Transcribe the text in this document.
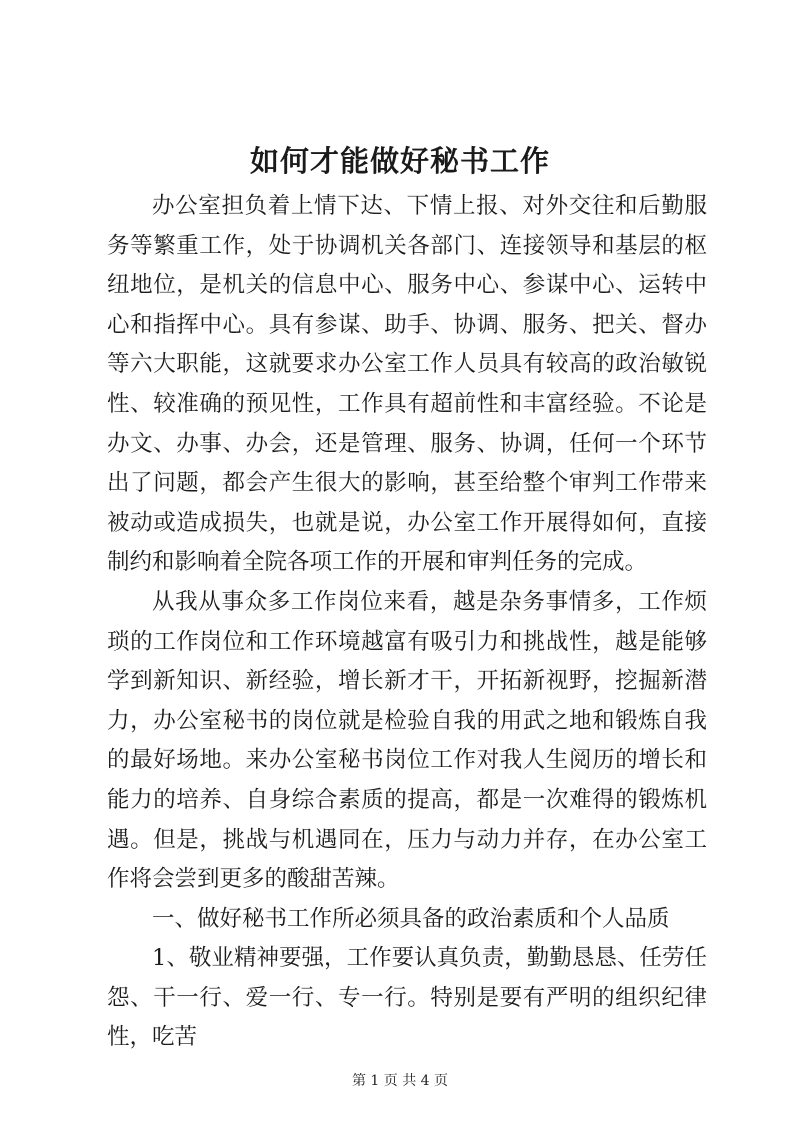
如何才能做好秘书工作

办公室担负着上情下达、下情上报、对外交往和后勤服务等繁重工作，处于协调机关各部门、连接领导和基层的枢纽地位，是机关的信息中心、服务中心、参谋中心、运转中心和指挥中心。具有参谋、助手、协调、服务、把关、督办等六大职能，这就要求办公室工作人员具有较高的政治敏锐性、较准确的预见性，工作具有超前性和丰富经验。不论是办文、办事、办会，还是管理、服务、协调，任何一个环节出了问题，都会产生很大的影响，甚至给整个审判工作带来被动或造成损失，也就是说，办公室工作开展得如何，直接制约和影响着全院各项工作的开展和审判任务的完成。

从我从事众多工作岗位来看，越是杂务事情多，工作烦琐的工作岗位和工作环境越富有吸引力和挑战性，越是能够学到新知识、新经验，增长新才干，开拓新视野，挖掘新潜力，办公室秘书的岗位就是检验自我的用武之地和锻炼自我的最好场地。来办公室秘书岗位工作对我人生阅历的增长和能力的培养、自身综合素质的提高，都是一次难得的锻炼机遇。但是，挑战与机遇同在，压力与动力并存，在办公室工作将会尝到更多的酸甜苦辣。

一、做好秘书工作所必须具备的政治素质和个人品质

1、敬业精神要强，工作要认真负责，勤勤恳恳、任劳任怨、干一行、爱一行、专一行。特别是要有严明的组织纪律性，吃苦

第 1 页 共 4 页
